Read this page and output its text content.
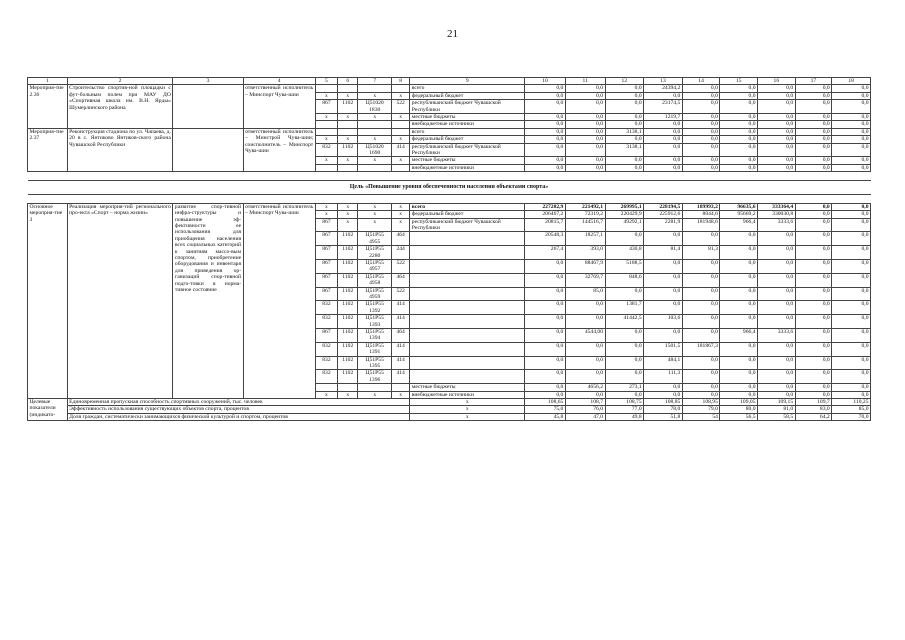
21
1	2	3	4	5	6	7	8	9	10	11	12	13	14	15	16	17	18
Мероприя-тие 2.36	Строительство спортив-ной площадки с фут-больным полем при МАУ ДО «Спортивная школа им. В.Н. Ярды» Шумерлинского района		ответственный исполнитель – Минспорт Чува-шии					всего	0,0	0,0	0,0	24394,2	0,0	0,0	0,0	0,0	0,0
				x	x	x	x	федеральный бюджет	0,0	0,0	0,0	0,0	0,0	0,0	0,0	0,0	0,0
				867	1102	Ц51020 1830	522	республиканский бюджет Чувашской Республики	0,0	0,0	0,0	23174,5	0,0	0,0	0,0	0,0	0,0
				x	x	x	x	местные бюджеты	0,0	0,0	0,0	1219,7	0,0	0,0	0,0	0,0	0,0
								внебюджетные источники	0,0	0,0	0,0	0,0	0,0	0,0	0,0	0,0	0,0
Мероприя-тие 2.37	Реконструкция стадиона по ул. Чапаева, д. 20 в с. Янтиково Янтиков-ского района Чувашской Республики		ответственный исполнитель – Минстрой Чува-шии; соисполнитель – Минспорт Чува-шии					всего	0,0	0,0	3138,1	0,0	0,0	0,0	0,0	0,0	0,0
				x	x	x	x	федеральный бюджет	0,0	0,0	0,0	0,0	0,0	0,0	0,0	0,0	0,0
				832	1102	Ц51020 1690	414	республиканский бюджет Чувашской Республики	0,0	0,0	3138,1	0,0	0,0	0,0	0,0	0,0	0,0
				x	x	x	x	местные бюджеты	0,0	0,0	0,0	0,0	0,0	0,0	0,0	0,0	0,0
								внебюджетные источники	0,0	0,0	0,0	0,0	0,0	0,0	0,0	0,0	0,0

Цель «Повышение уровня обеспеченности населения объектами спорта»																	

Основное мероприя-тие 3	Реализация мероприя-тий регионального про-екта «Спорт – норма жизни»	развитие спор-тивной инфра-структуры и повышение эф-фективности ее использования для приобщения населения всех социальных категорий к занятиям массо-вым спортом, приобретение оборудования и инвентаря для приведения ор-ганизаций спор-тивной подго-товки в норма-тивное состояние	ответственный исполнитель – Минспорт Чува-шии	x	x	x	x	всего	227282,9	221492,1	269995,1	228194,5	189993,2	96635,6	333364,4	0,0	0,0
				x	x	x	x	федеральный бюджет	206467,2	72319,2	220429,9	225912,6	8044,6	95669,2	330030,8	0,0	0,0
				867	x	x	x	республиканский бюджет Чувашской Республики	20815,7	144516,7	49292,1	2281,9	181948,6	966,4	3333,6	0,0	0,0
				867	1102	Ц51Р55 4955	464		20548,3	18257,1	0,0	0,0	0,0	0,0	0,0	0,0	0,0
				867	1102	Ц51Р55 2280	244		267,4	393,0	430,8	81,4	81,3	0,0	0,0	0,0	0,0
				867	1102	Ц51Р55 4957	522		0,0	88467,9	5188,5	0,0	0,0	0,0	0,0	0,0	0,0
				867	1102	Ц51Р55 4958	464		0,0	32769,7	848,6	0,0	0,0	0,0	0,0	0,0	0,0
				867	1102	Ц51Р55 4959	522		0,0	85,0	0,0	0,0	0,0	0,0	0,0	0,0	0,0
				832	1102	Ц51Р55 1392	414		0,0	0,0	1381,7	0,0	0,0	0,0	0,0	0,0	0,0
				832	1102	Ц51Р55 1393	414		0,0	0,0	41442,5	103,6	0,0	0,0	0,0	0,0	0,0
				867	1102	Ц51Р55 1394	464		0,0	4544,00	0,0	0,0	0,0	966,4	3333,6	0,0	0,0
				832	1102	Ц51Р55 1391	414		0,0	0,0	0,0	1501,5	181867,3	0,0	0,0	0,0	0,0
				832	1102	Ц51Р55 1395	414		0,0	0,0	0,0	484,1	0,0	0,0	0,0	0,0	0,0
				832	1102	Ц51Р55 1396	414		0,0	0,0	0,0	111,3	0,0	0,0	0,0	0,0	0,0
								местные бюджеты	0,0	4656,2	273,1	0,0	0,0	0,0	0,0	0,0	0,0
				x	x	x	x	внебюджетные источники	0,0	0,0	0,0	0,0	0,0	0,0	0,0	0,0	0,0
Целевые показатели (индикато-	Единовременная пропускная способность спортивных сооружений, тыс. человек							x	108,65	108,7	108,75	108,85	108,95	109,05	109,15	109,7	110,25
	Эффективность использования существующих объектов спорта, процентов							x	75,0	76,0	77,0	78,0	79,0	80,0	81,0	83,0	85,0
	Доля граждан, систематически занимающихся физической культурой и спортом, процентов							x	45,8	47,0	49,8	51,8	54	56,5	58,5	64,2	70,0
